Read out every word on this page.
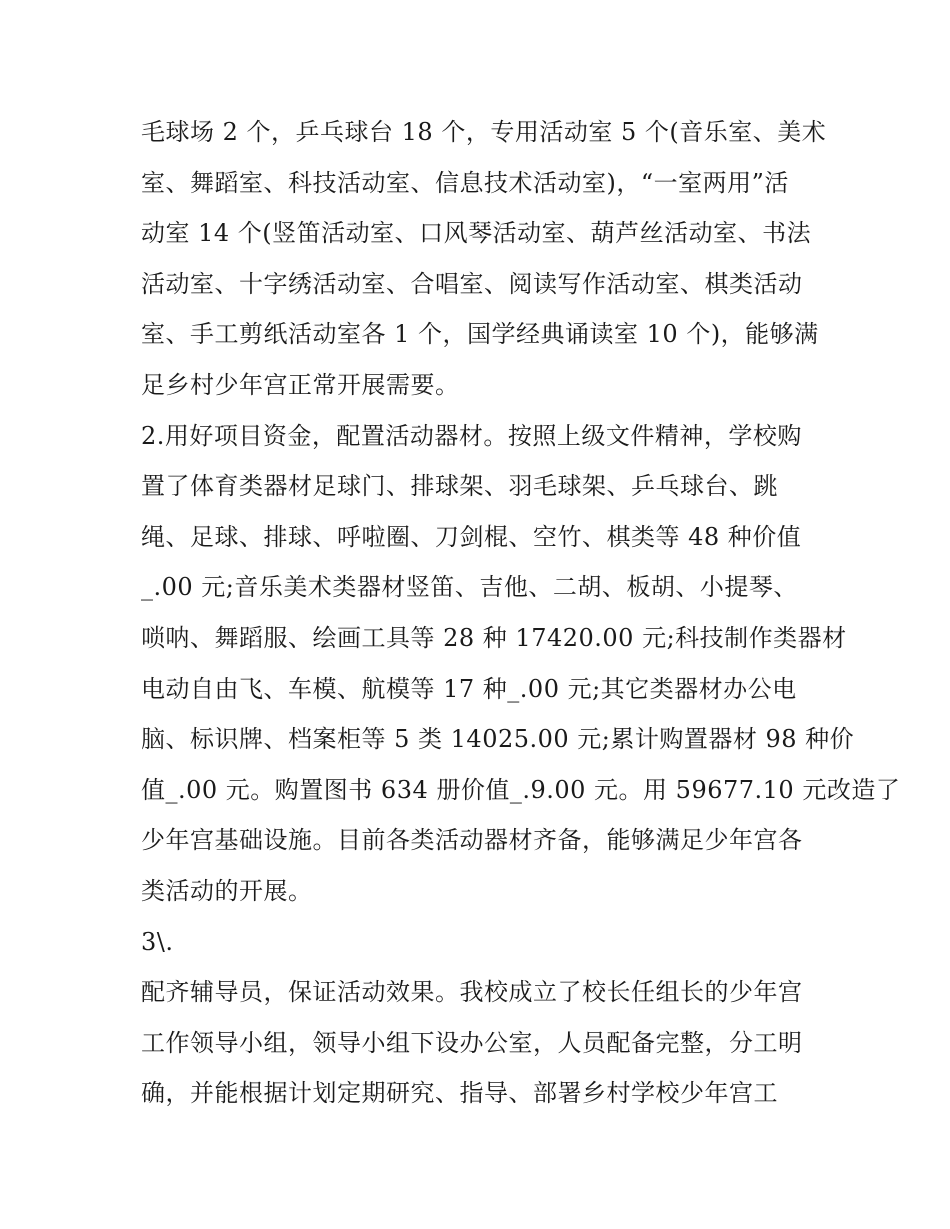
毛球场 2 个，乒乓球台 18 个，专用活动室 5 个(音乐室、美术
室、舞蹈室、科技活动室、信息技术活动室)，“一室两用”活
动室 14 个(竖笛活动室、口风琴活动室、葫芦丝活动室、书法
活动室、十字绣活动室、合唱室、阅读写作活动室、棋类活动
室、手工剪纸活动室各 1 个，国学经典诵读室 10 个)，能够满
足乡村少年宫正常开展需要。
2.用好项目资金，配置活动器材。按照上级文件精神，学校购
置了体育类器材足球门、排球架、羽毛球架、乒乓球台、跳
绳、足球、排球、呼啦圈、刀剑棍、空竹、棋类等 48 种价值
_.00 元;音乐美术类器材竖笛、吉他、二胡、板胡、小提琴、
唢呐、舞蹈服、绘画工具等 28 种 17420.00 元;科技制作类器材
电动自由飞、车模、航模等 17 种_.00 元;其它类器材办公电
脑、标识牌、档案柜等 5 类 14025.00 元;累计购置器材 98 种价
值_.00 元。购置图书 634 册价值_.9.00 元。用 59677.10 元改造了
少年宫基础设施。目前各类活动器材齐备，能够满足少年宫各
类活动的开展。
3\.
配齐辅导员，保证活动效果。我校成立了校长任组长的少年宫
工作领导小组，领导小组下设办公室，人员配备完整，分工明
确，并能根据计划定期研究、指导、部署乡村学校少年宫工
